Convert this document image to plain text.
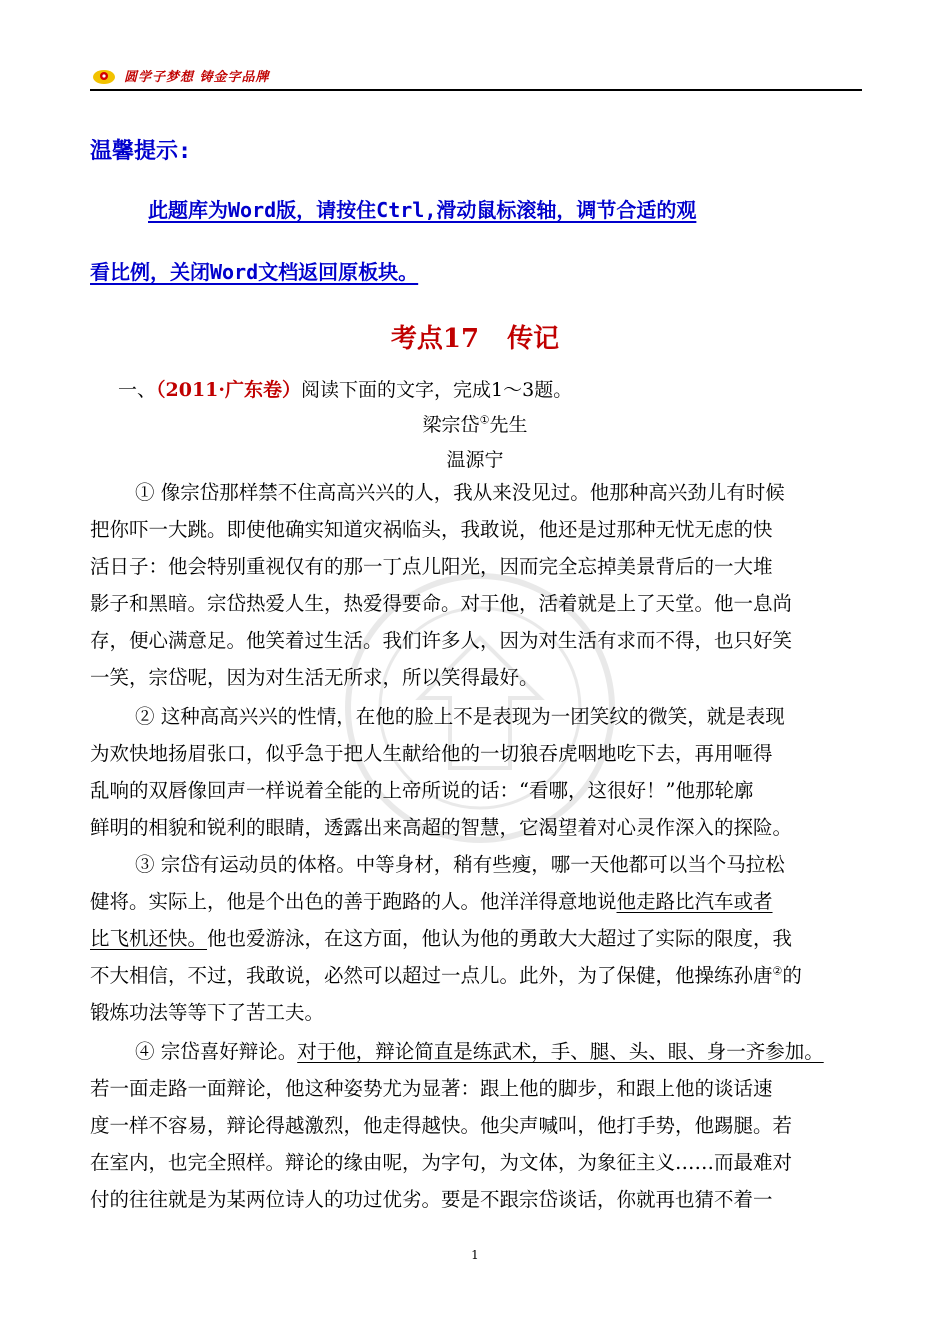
圆学子梦想 铸金字品牌
温馨提示:
此题库为Word版，请按住Ctrl,滑动鼠标滚轴，调节合适的观
看比例，关闭Word文档返回原板块。
考点17 传记
一、（2011·广东卷）阅读下面的文字，完成1～3题。
梁宗岱①先生
温源宁
① 像宗岱那样禁不住高高兴兴的人，我从来没见过。他那种高兴劲儿有时候
把你吓一大跳。即使他确实知道灾祸临头，我敢说，他还是过那种无忧无虑的快
活日子：他会特别重视仅有的那一丁点儿阳光，因而完全忘掉美景背后的一大堆
影子和黑暗。宗岱热爱人生，热爱得要命。对于他，活着就是上了天堂。他一息尚
存，便心满意足。他笑着过生活。我们许多人，因为对生活有求而不得，也只好笑
一笑，宗岱呢，因为对生活无所求，所以笑得最好。
② 这种高高兴兴的性情，在他的脸上不是表现为一团笑纹的微笑，就是表现
为欢快地扬眉张口，似乎急于把人生献给他的一切狼吞虎咽地吃下去，再用咂得
乱响的双唇像回声一样说着全能的上帝所说的话：“看哪，这很好！”他那轮廓
鲜明的相貌和锐利的眼睛，透露出来高超的智慧，它渴望着对心灵作深入的探险。
③ 宗岱有运动员的体格。中等身材，稍有些瘦，哪一天他都可以当个马拉松
健将。实际上，他是个出色的善于跑路的人。他洋洋得意地说他走路比汽车或者
比飞机还快。他也爱游泳，在这方面，他认为他的勇敢大大超过了实际的限度，我
不大相信，不过，我敢说，必然可以超过一点儿。此外，为了保健，他操练孙唐②的
锻炼功法等等下了苦工夫。
④ 宗岱喜好辩论。对于他，辩论简直是练武术，手、腿、头、眼、身一齐参加。
若一面走路一面辩论，他这种姿势尤为显著：跟上他的脚步，和跟上他的谈话速
度一样不容易，辩论得越激烈，他走得越快。他尖声喊叫，他打手势，他踢腿。若
在室内，也完全照样。辩论的缘由呢，为字句，为文体，为象征主义……而最难对
付的往往就是为某两位诗人的功过优劣。要是不跟宗岱谈话，你就再也猜不着一
1
